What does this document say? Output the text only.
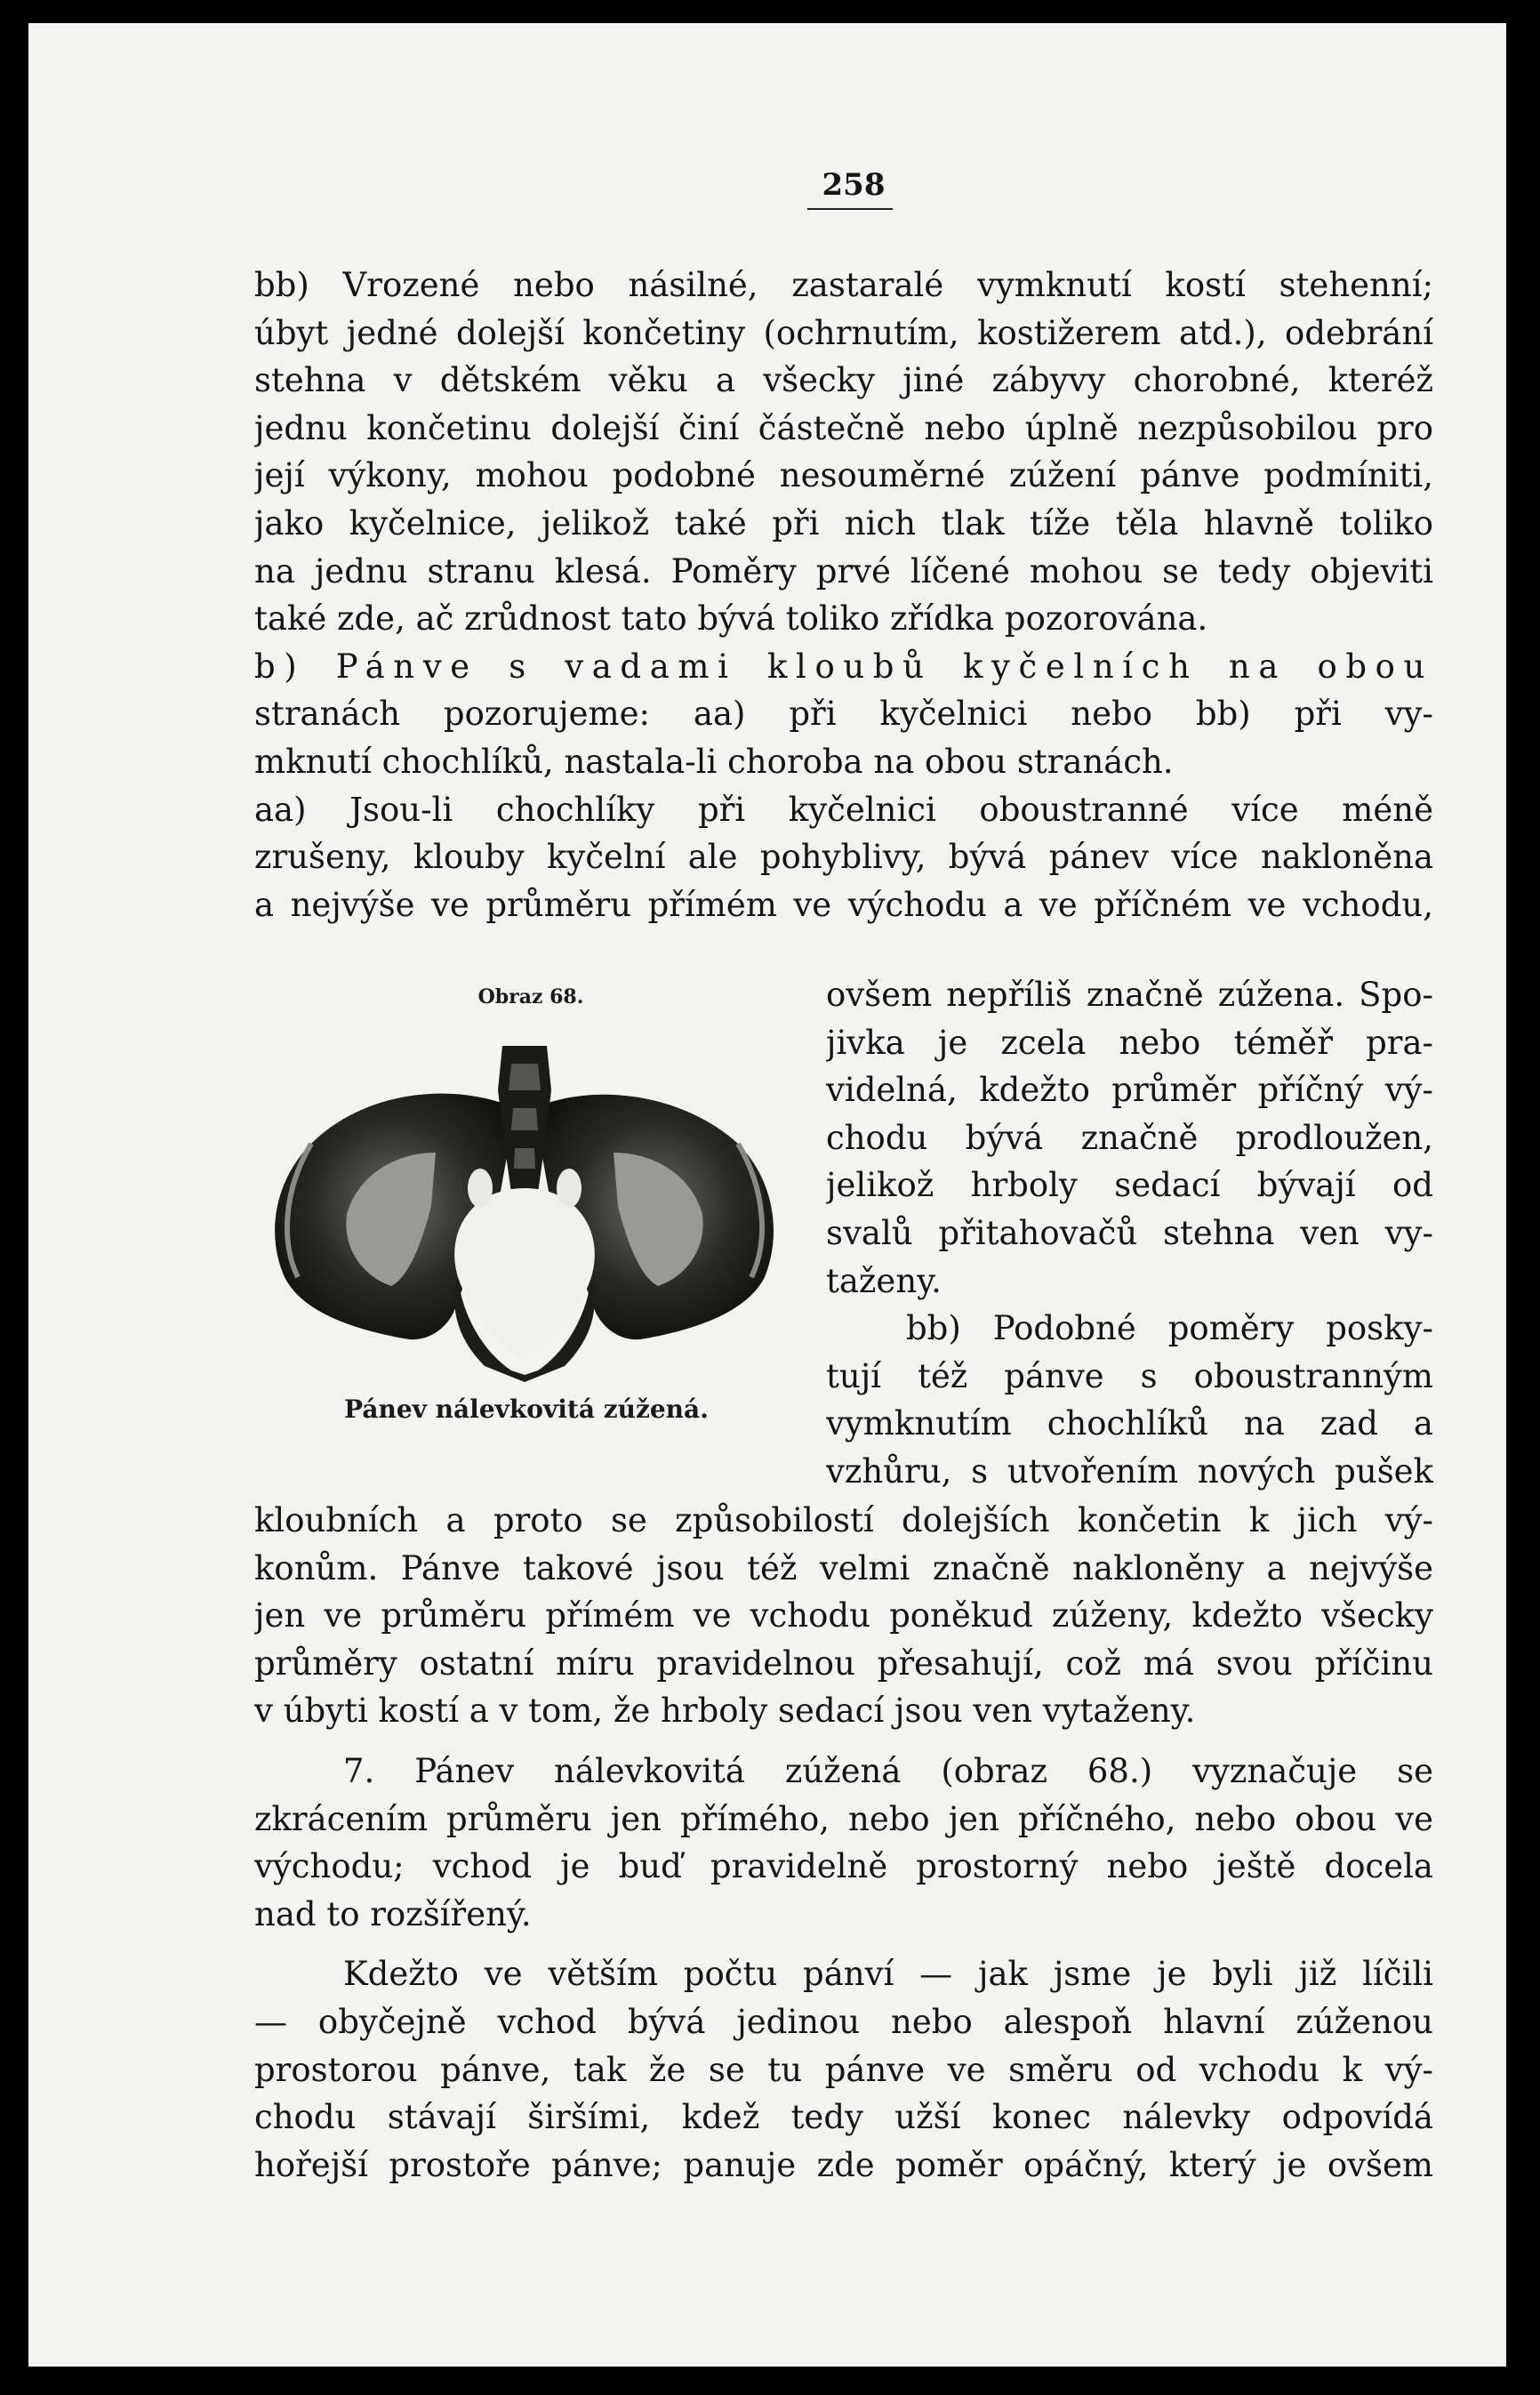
258
bb) Vrozené nebo násilné, zastaralé vymknutí kostí stehenní;
úbyt jedné dolejší končetiny (ochrnutím, kostižerem atd.), odebrání
stehna v dětském věku a všecky jiné zábyvy chorobné, kteréž
jednu končetinu dolejší činí částečně nebo úplně nezpůsobilou pro
její výkony, mohou podobné nesouměrné zúžení pánve podmíniti,
jako kyčelnice, jelikož také při nich tlak tíže těla hlavně toliko
na jednu stranu klesá. Poměry prvé líčené mohou se tedy objeviti
také zde, ač zrůdnost tato bývá toliko zřídka pozorována.
b) Pánve s vadami kloubů kyčelních na obou
stranách pozorujeme: aa) při kyčelnici nebo bb) při vy-
mknutí chochlíků, nastala-li choroba na obou stranách.
aa) Jsou-li chochlíky při kyčelnici oboustranné více méně
zrušeny, klouby kyčelní ale pohyblivy, bývá pánev více nakloněna
a nejvýše ve průměru přímém ve východu a ve příčném ve vchodu,
Obraz 68.
Pánev nálevkovitá zúžená.
ovšem nepříliš značně zúžena. Spo-
jivka je zcela nebo téměř pra-
videlná, kdežto průměr příčný vý-
chodu bývá značně prodloužen,
jelikož hrboly sedací bývají od
svalů přitahovačů stehna ven vy-
taženy.
bb) Podobné poměry posky-
tují též pánve s oboustranným
vymknutím chochlíků na zad a
vzhůru, s utvořením nových pušek
kloubních a proto se způsobilostí dolejších končetin k jich vý-
konům. Pánve takové jsou též velmi značně nakloněny a nejvýše
jen ve průměru přímém ve vchodu poněkud zúženy, kdežto všecky
průměry ostatní míru pravidelnou přesahují, což má svou příčinu
v úbyti kostí a v tom, že hrboly sedací jsou ven vytaženy.
7. Pánev nálevkovitá zúžená (obraz 68.) vyznačuje se
zkrácením průměru jen přímého, nebo jen příčného, nebo obou ve
východu; vchod je buď pravidelně prostorný nebo ještě docela
nad to rozšířený.
Kdežto ve větším počtu pánví — jak jsme je byli již líčili
— obyčejně vchod bývá jedinou nebo alespoň hlavní zúženou
prostorou pánve, tak že se tu pánve ve směru od vchodu k vý-
chodu stávají širšími, kdež tedy užší konec nálevky odpovídá
hořejší prostoře pánve; panuje zde poměr opáčný, který je ovšem
